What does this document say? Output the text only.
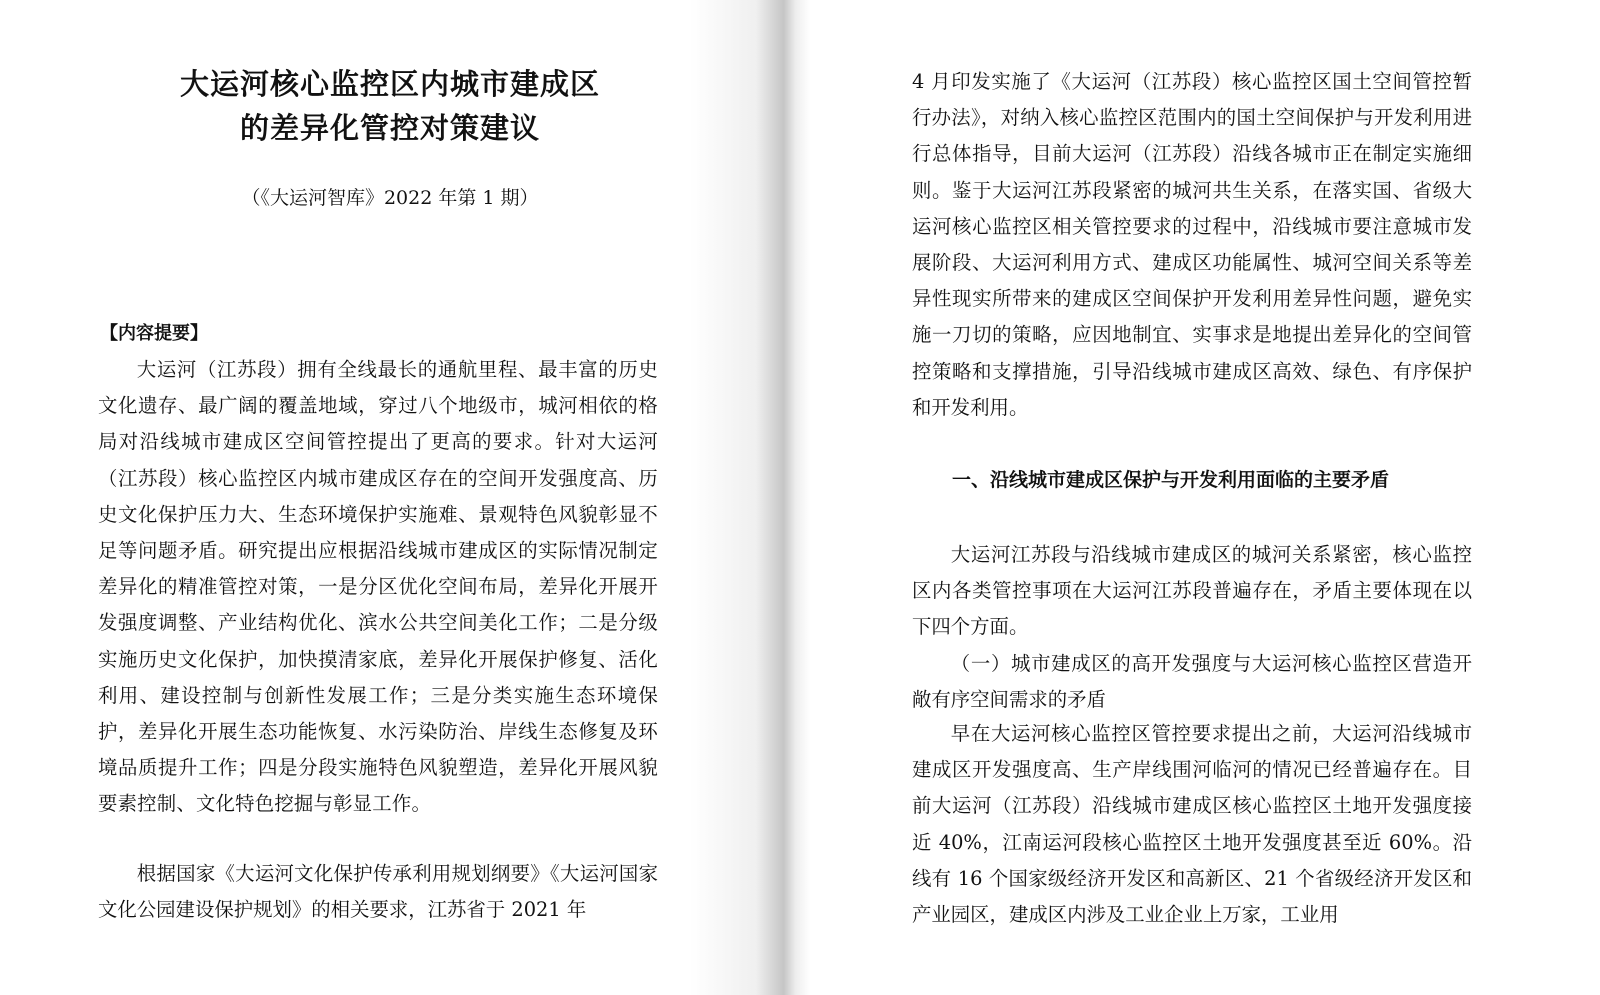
大运河核心监控区内城市建成区
的差异化管控对策建议

（《大运河智库》2022 年第 1 期）

【内容提要】

大运河（江苏段）拥有全线最长的通航里程、最丰富的历史文化遗存、最广阔的覆盖地域，穿过八个地级市，城河相依的格局对沿线城市建成区空间管控提出了更高的要求。针对大运河（江苏段）核心监控区内城市建成区存在的空间开发强度高、历史文化保护压力大、生态环境保护实施难、景观特色风貌彰显不足等问题矛盾。研究提出应根据沿线城市建成区的实际情况制定差异化的精准管控对策，一是分区优化空间布局，差异化开展开发强度调整、产业结构优化、滨水公共空间美化工作；二是分级实施历史文化保护，加快摸清家底，差异化开展保护修复、活化利用、建设控制与创新性发展工作；三是分类实施生态环境保护，差异化开展生态功能恢复、水污染防治、岸线生态修复及环境品质提升工作；四是分段实施特色风貌塑造，差异化开展风貌要素控制、文化特色挖掘与彰显工作。

根据国家《大运河文化保护传承利用规划纲要》《大运河国家文化公园建设保护规划》的相关要求，江苏省于 2021 年

4 月印发实施了《大运河（江苏段）核心监控区国土空间管控暂行办法》，对纳入核心监控区范围内的国土空间保护与开发利用进行总体指导，目前大运河（江苏段）沿线各城市正在制定实施细则。鉴于大运河江苏段紧密的城河共生关系，在落实国、省级大运河核心监控区相关管控要求的过程中，沿线城市要注意城市发展阶段、大运河利用方式、建成区功能属性、城河空间关系等差异性现实所带来的建成区空间保护开发利用差异性问题，避免实施一刀切的策略，应因地制宜、实事求是地提出差异化的空间管控策略和支撑措施，引导沿线城市建成区高效、绿色、有序保护和开发利用。

一、沿线城市建成区保护与开发利用面临的主要矛盾

大运河江苏段与沿线城市建成区的城河关系紧密，核心监控区内各类管控事项在大运河江苏段普遍存在，矛盾主要体现在以下四个方面。

（一）城市建成区的高开发强度与大运河核心监控区营造开敞有序空间需求的矛盾

早在大运河核心监控区管控要求提出之前，大运河沿线城市建成区开发强度高、生产岸线围河临河的情况已经普遍存在。目前大运河（江苏段）沿线城市建成区核心监控区土地开发强度接近 40%，江南运河段核心监控区土地开发强度甚至近 60%。沿线有 16 个国家级经济开发区和高新区、21 个省级经济开发区和产业园区，建成区内涉及工业企业上万家，工业用
